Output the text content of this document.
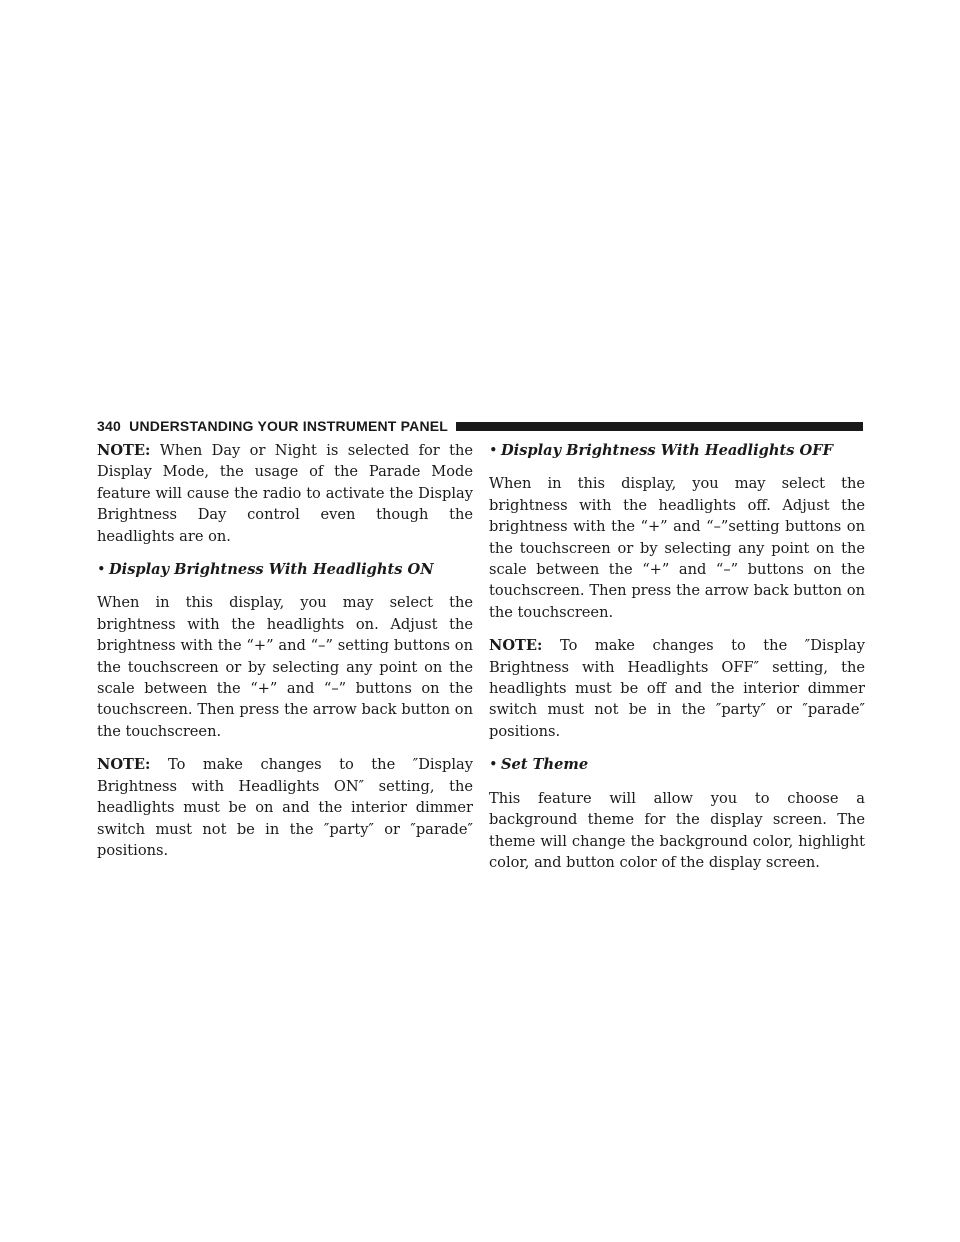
340 UNDERSTANDING YOUR INSTRUMENT PANEL

NOTE: When Day or Night is selected for the Display Mode, the usage of the Parade Mode feature will cause the radio to activate the Display Brightness Day control even though the headlights are on.

• Display Brightness With Headlights ON

When in this display, you may select the brightness with the headlights on. Adjust the brightness with the “+” and “–” setting buttons on the touchscreen or by selecting any point on the scale between the “+” and “–” buttons on the touchscreen. Then press the arrow back button on the touchscreen.

NOTE: To make changes to the ″Display Brightness with Headlights ON″ setting, the headlights must be on and the interior dimmer switch must not be in the ″party″ or ″parade″ positions.

• Display Brightness With Headlights OFF

When in this display, you may select the brightness with the headlights off. Adjust the brightness with the “+” and “–”setting buttons on the touchscreen or by selecting any point on the scale between the “+” and “–” buttons on the touchscreen. Then press the arrow back button on the touchscreen.

NOTE: To make changes to the ″Display Brightness with Headlights OFF″ setting, the headlights must be off and the interior dimmer switch must not be in the ″party″ or ″parade″ positions.

• Set Theme

This feature will allow you to choose a background theme for the display screen. The theme will change the background color, highlight color, and button color of the display screen.
